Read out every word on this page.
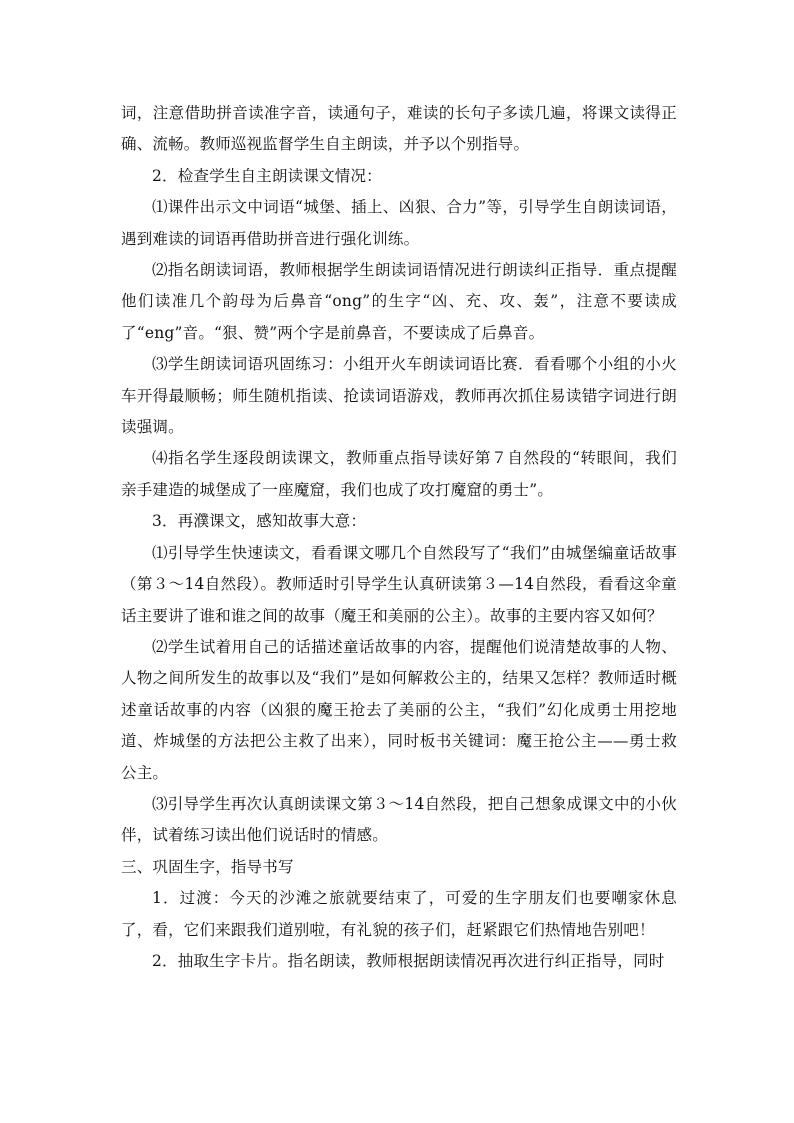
词，注意借助拼音读准字音，读通句子，难读的长句子多读几遍，将课文读得正确、流畅。教师巡视监督学生自主朗读，并予以个别指导。

2．检查学生自主朗读课文情况：

⑴课件出示文中词语“城堡、插上、凶狠、合力”等，引导学生自朗读词语，遇到难读的词语再借助拼音进行强化训练。

⑵指名朗读词语，教师根据学生朗读词语情况进行朗读纠正指导．重点提醒他们读准几个韵母为后鼻音“ong”的生字“凶、充、攻、轰”，注意不要读成了“eng”音。“狠、赞”两个字是前鼻音，不要读成了后鼻音。

⑶学生朗读词语巩固练习：小组开火车朗读词语比赛．看看哪个小组的小火车开得最顺畅；师生随机指读、抢读词语游戏，教师再次抓住易读错字词进行朗读强调。

⑷指名学生逐段朗读课文，教师重点指导读好第７自然段的“转眼间，我们亲手建造的城堡成了一座魔窟，我们也成了攻打魔窟的勇士”。

3．再濮课文，感知故事大意：

⑴引导学生快速读文，看看课文哪几个自然段写了“我们”由城堡编童话故事（第３～14自然段）。教师适时引导学生认真研读第３—14自然段，看看这伞童话主要讲了谁和谁之间的故事（魔王和美丽的公主）。故事的主要内容又如何？

⑵学生试着用自己的话描述童话故事的内容，提醒他们说清楚故事的人物、人物之间所发生的故事以及“我们”是如何解救公主的，结果又怎样？教师适时概述童话故事的内容（凶狠的魔王抢去了美丽的公主，“我们”幻化成勇士用挖地道、炸城堡的方法把公主救了出来），同时板书关键词：魔王抢公主——勇士救公主。

⑶引导学生再次认真朗读课文第３～14自然段，把自己想象成课文中的小伙伴，试着练习读出他们说话时的情感。

三、巩固生字，指导书写

1．过渡：今天的沙滩之旅就要结束了，可爱的生字朋友们也要嘲家休息了，看，它们来跟我们道别啦，有礼貌的孩子们，赶紧跟它们热情地告别吧！

2．抽取生字卡片。指名朗读，教师根据朗读情况再次进行纠正指导，同时
